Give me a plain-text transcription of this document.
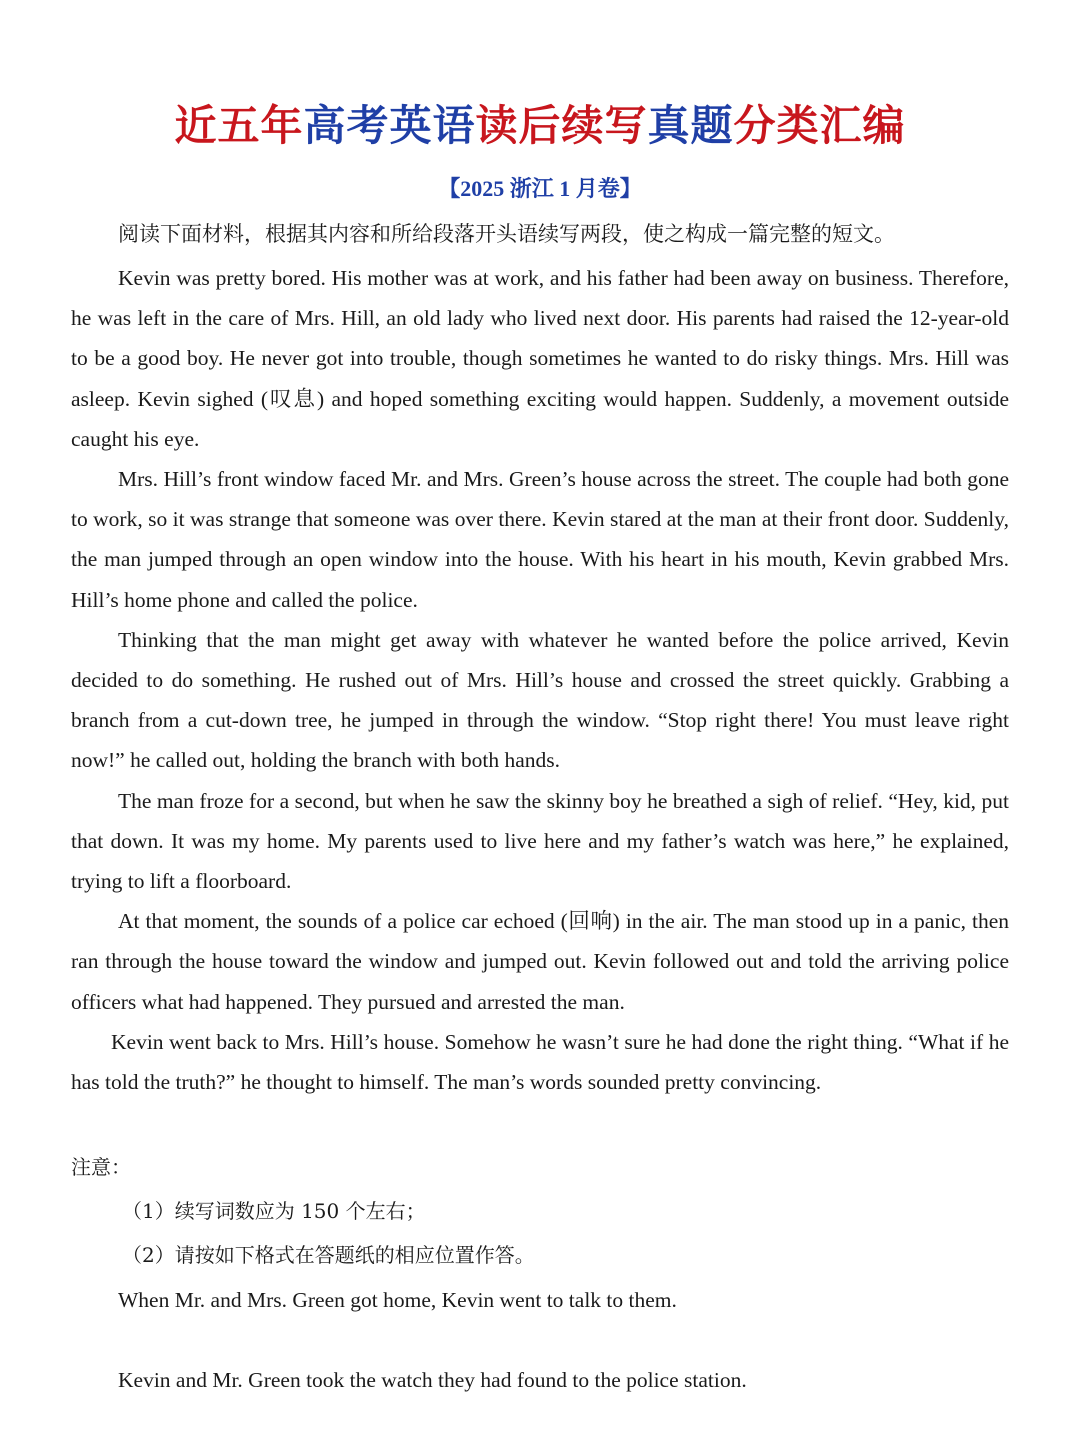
近五年高考英语读后续写真题分类汇编
【2025 浙江 1 月卷】
阅读下面材料，根据其内容和所给段落开头语续写两段，使之构成一篇完整的短文。

Kevin was pretty bored. His mother was at work, and his father had been away on business. Therefore, he was left in the care of Mrs. Hill, an old lady who lived next door. His parents had raised the 12-year-old to be a good boy. He never got into trouble, though sometimes he wanted to do risky things. Mrs. Hill was asleep. Kevin sighed (叹息) and hoped something exciting would happen. Suddenly, a movement outside caught his eye.

Mrs. Hill’s front window faced Mr. and Mrs. Green’s house across the street. The couple had both gone to work, so it was strange that someone was over there. Kevin stared at the man at their front door. Suddenly, the man jumped through an open window into the house. With his heart in his mouth, Kevin grabbed Mrs. Hill’s home phone and called the police.

Thinking that the man might get away with whatever he wanted before the police arrived, Kevin decided to do something. He rushed out of Mrs. Hill’s house and crossed the street quickly. Grabbing a branch from a cut-down tree, he jumped in through the window. “Stop right there! You must leave right now!” he called out, holding the branch with both hands.

The man froze for a second, but when he saw the skinny boy he breathed a sigh of relief. “Hey, kid, put that down. It was my home. My parents used to live here and my father’s watch was here,” he explained, trying to lift a floorboard.

At that moment, the sounds of a police car echoed (回响) in the air. The man stood up in a panic, then ran through the house toward the window and jumped out. Kevin followed out and told the arriving police officers what had happened. They pursued and arrested the man.

Kevin went back to Mrs. Hill’s house. Somehow he wasn’t sure he had done the right thing. “What if he has told the truth?” he thought to himself. The man’s words sounded pretty convincing.

注意：
（1）续写词数应为 150 个左右；
（2）请按如下格式在答题纸的相应位置作答。
When Mr. and Mrs. Green got home, Kevin went to talk to them.
Kevin and Mr. Green took the watch they had found to the police station.
